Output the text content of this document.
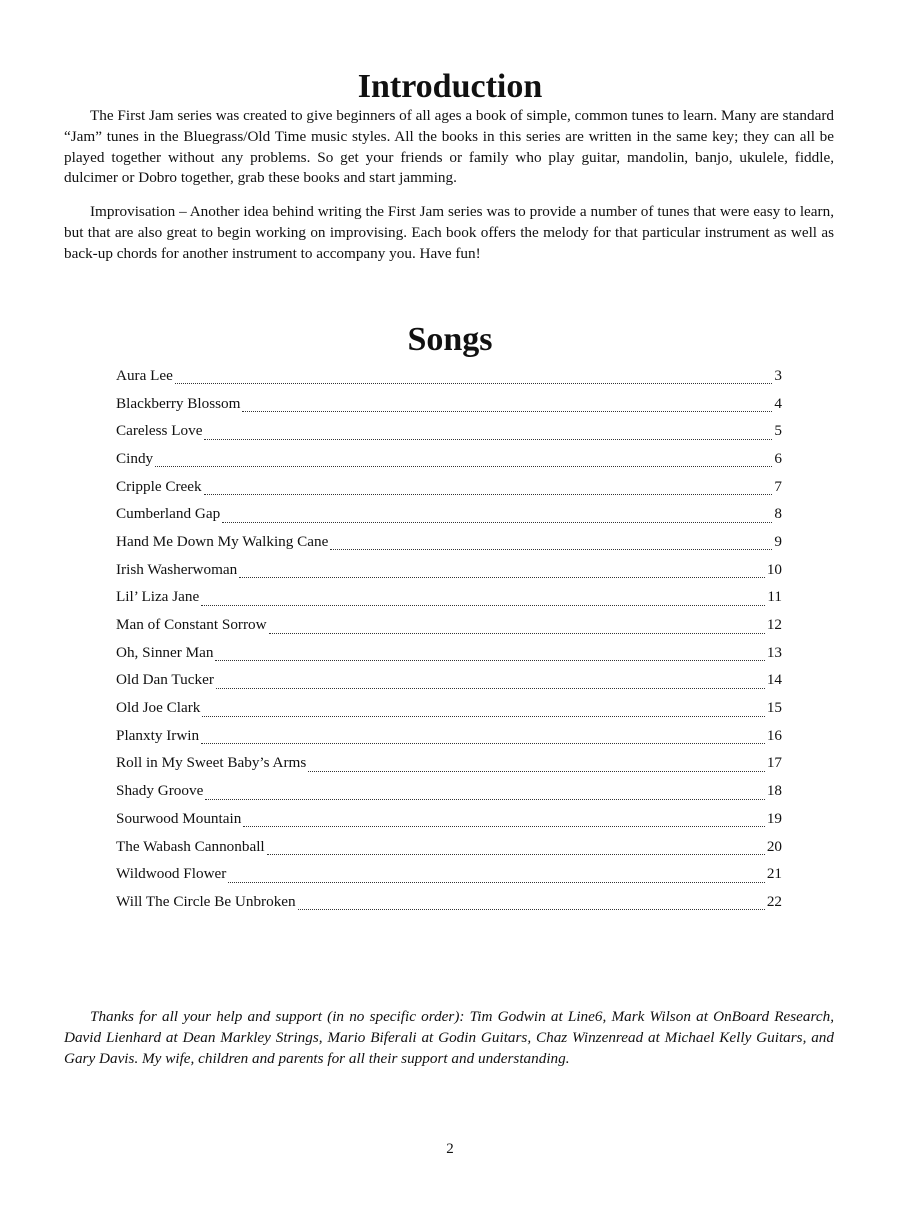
Introduction

The First Jam series was created to give beginners of all ages a book of simple, common tunes to learn. Many are standard “Jam” tunes in the Bluegrass/Old Time music styles. All the books in this series are written in the same key; they can all be played together without any problems. So get your friends or family who play guitar, mandolin, banjo, ukulele, fiddle, dulcimer or Dobro together, grab these books and start jamming.

Improvisation – Another idea behind writing the First Jam series was to provide a number of tunes that were easy to learn, but that are also great to begin working on improvising. Each book offers the melody for that particular instrument as well as back-up chords for another instrument to accompany you. Have fun!

Songs
Aura Lee	3
Blackberry Blossom	4
Careless Love	5
Cindy	6
Cripple Creek	7
Cumberland Gap	8
Hand Me Down My Walking Cane	9
Irish Washerwoman	10
Lil’ Liza Jane	11
Man of Constant Sorrow	12
Oh, Sinner Man	13
Old Dan Tucker	14
Old Joe Clark	15
Planxty Irwin	16
Roll in My Sweet Baby’s Arms	17
Shady Groove	18
Sourwood Mountain	19
The Wabash Cannonball	20
Wildwood Flower	21
Will The Circle Be Unbroken	22

Thanks for all your help and support (in no specific order): Tim Godwin at Line6, Mark Wilson at OnBoard Research, David Lienhard at Dean Markley Strings, Mario Biferali at Godin Guitars, Chaz Winzenread at Michael Kelly Guitars, and Gary Davis. My wife, children and parents for all their support and understanding.

2
